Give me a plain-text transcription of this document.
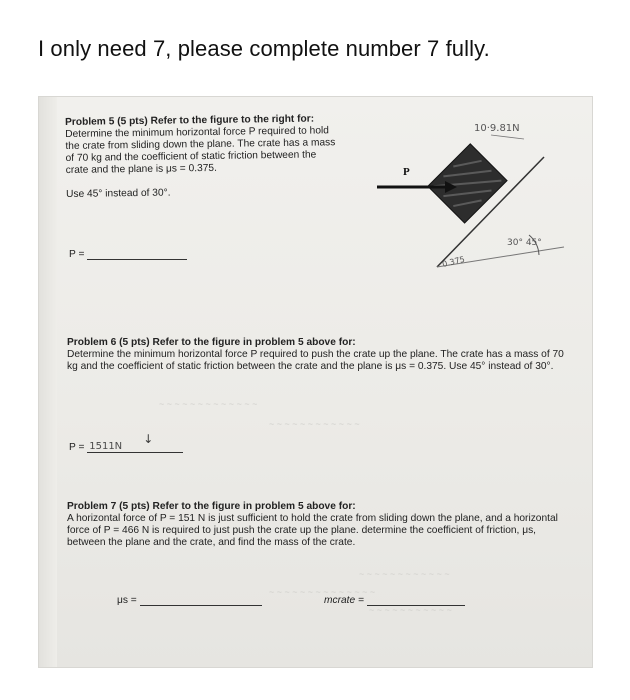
I only need 7, please complete number 7 fully.
~ ~ ~ ~ ~ ~ ~ ~ ~ ~ ~ ~ ~
~ ~ ~ ~ ~ ~ ~ ~ ~ ~ ~ ~
~ ~ ~ ~ ~ ~ ~ ~ ~ ~ ~ ~
~ ~ ~ ~ ~ ~ ~ ~ ~ ~ ~ ~ ~ ~
~ ~ ~ ~ ~ ~ ~ ~ ~ ~ ~
Problem 5 (5 pts) Refer to the figure to the right for:
Determine the minimum horizontal force P required to hold the crate from sliding down the plane. The crate has a mass of 70 kg and the coefficient of static friction between the crate and the plane is μs = 0.375.
Use 45° instead of 30°.
P =
P
10·9.81N
0.375
30° 45°
Problem 6 (5 pts) Refer to the figure in problem 5 above for:
Determine the minimum horizontal force P required to push the crate up the plane. The crate has a mass of 70 kg and the coefficient of static friction between the crate and the plane is μs = 0.375. Use 45° instead of 30°.
P = 1511N
↓
Problem 7 (5 pts) Refer to the figure in problem 5 above for:
A horizontal force of P = 151 N is just sufficient to hold the crate from sliding down the plane, and a horizontal force of P = 466 N is required to just push the crate up the plane. determine the coefficient of friction, μs, between the plane and the crate, and find the mass of the crate.
μs =	mcrate =
